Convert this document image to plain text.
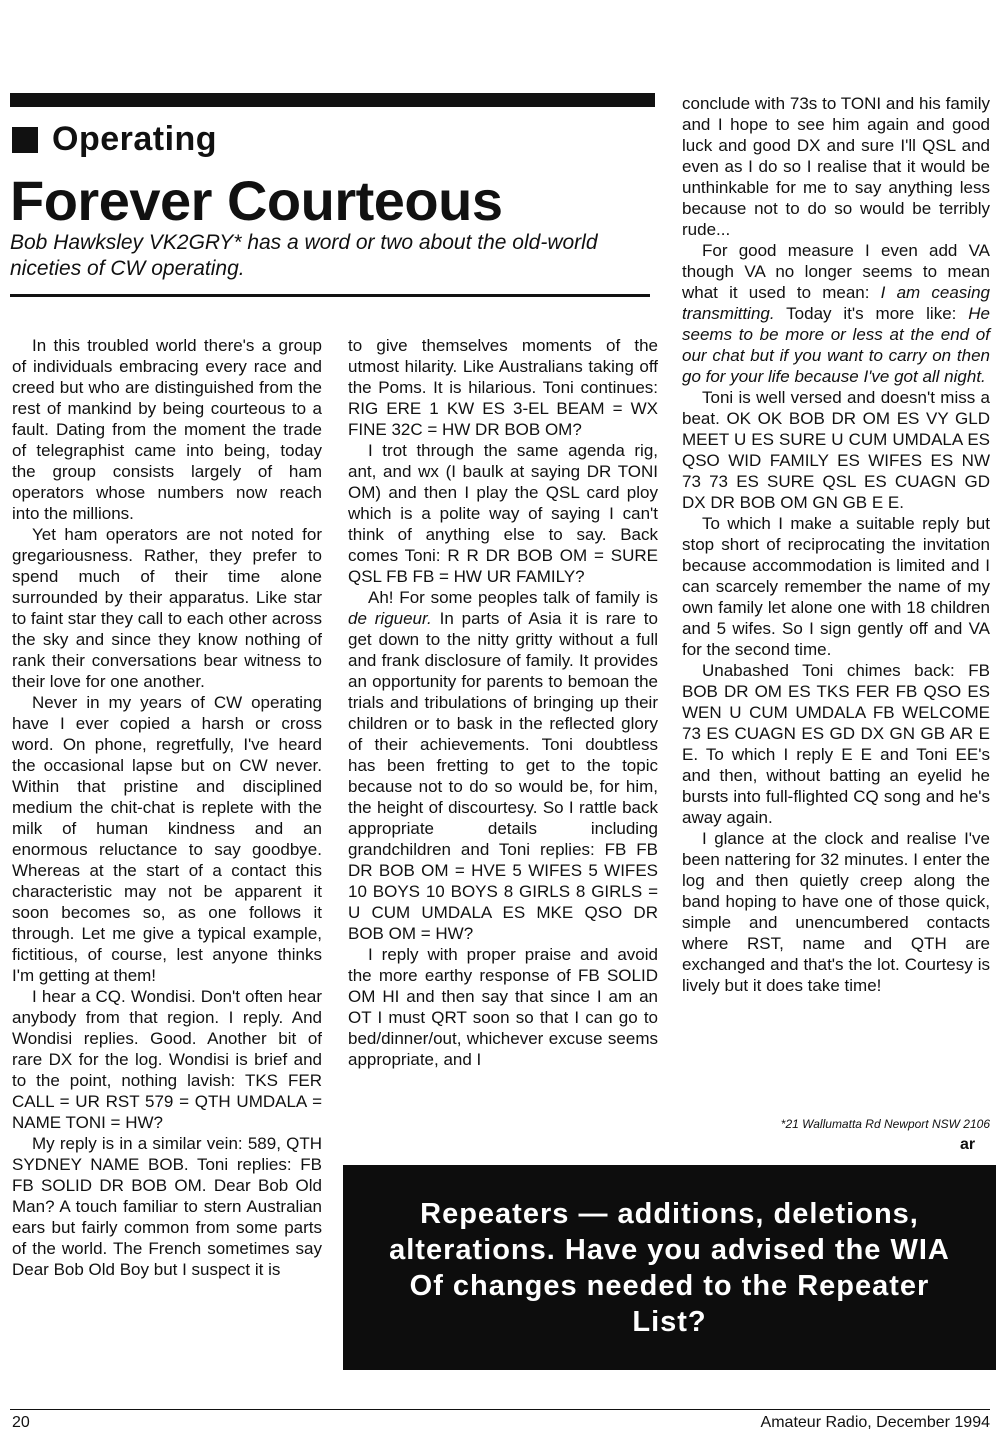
Operating
Forever Courteous
Bob Hawksley VK2GRY* has a word or two about the old-world niceties of CW operating.

In this troubled world there's a group of individuals embracing every race and creed but who are distinguished from the rest of mankind by being courteous to a fault. Dating from the moment the trade of telegraphist came into being, today the group consists largely of ham operators whose numbers now reach into the millions.

Yet ham operators are not noted for gregariousness. Rather, they prefer to spend much of their time alone surrounded by their apparatus. Like star to faint star they call to each other across the sky and since they know nothing of rank their conversations bear witness to their love for one another.

Never in my years of CW operating have I ever copied a harsh or cross word. On phone, regretfully, I've heard the occasional lapse but on CW never. Within that pristine and disciplined medium the chit-chat is replete with the milk of human kindness and an enormous reluctance to say goodbye. Whereas at the start of a contact this characteristic may not be apparent it soon becomes so, as one follows it through. Let me give a typical example, fictitious, of course, lest anyone thinks I'm getting at them!

I hear a CQ. Wondisi. Don't often hear anybody from that region. I reply. And Wondisi replies. Good. Another bit of rare DX for the log. Wondisi is brief and to the point, nothing lavish: TKS FER CALL = UR RST 579 = QTH UMDALA = NAME TONI = HW?

My reply is in a similar vein: 589, QTH SYDNEY NAME BOB. Toni replies: FB FB SOLID DR BOB OM. Dear Bob Old Man? A touch familiar to stern Australian ears but fairly common from some parts of the world. The French sometimes say Dear Bob Old Boy but I suspect it is

to give themselves moments of the utmost hilarity. Like Australians taking off the Poms. It is hilarious. Toni continues: RIG ERE 1 KW ES 3-EL BEAM = WX FINE 32C = HW DR BOB OM?

I trot through the same agenda rig, ant, and wx (I baulk at saying DR TONI OM) and then I play the QSL card ploy which is a polite way of saying I can't think of anything else to say. Back comes Toni: R R DR BOB OM = SURE QSL FB FB = HW UR FAMILY?

Ah! For some peoples talk of family is de rigueur. In parts of Asia it is rare to get down to the nitty gritty without a full and frank disclosure of family. It provides an opportunity for parents to bemoan the trials and tribulations of bringing up their children or to bask in the reflected glory of their achievements. Toni doubtless has been fretting to get to the topic because not to do so would be, for him, the height of discourtesy. So I rattle back appropriate details including grandchildren and Toni replies: FB FB DR BOB OM = HVE 5 WIFES 5 WIFES 10 BOYS 10 BOYS 8 GIRLS 8 GIRLS = U CUM UMDALA ES MKE QSO DR BOB OM = HW?

I reply with proper praise and avoid the more earthy response of FB SOLID OM HI and then say that since I am an OT I must QRT soon so that I can go to bed/dinner/out, whichever excuse seems appropriate, and I

conclude with 73s to TONI and his family and I hope to see him again and good luck and good DX and sure I'll QSL and even as I do so I realise that it would be unthinkable for me to say anything less because not to do so would be terribly rude...

For good measure I even add VA though VA no longer seems to mean what it used to mean: I am ceasing transmitting. Today it's more like: He seems to be more or less at the end of our chat but if you want to carry on then go for your life because I've got all night.

Toni is well versed and doesn't miss a beat. OK OK BOB DR OM ES VY GLD MEET U ES SURE U CUM UMDALA ES QSO WID FAMILY ES WIFES ES NW 73 73 ES SURE QSL ES CUAGN GD DX DR BOB OM GN GB E E.

To which I make a suitable reply but stop short of reciprocating the invitation because accommodation is limited and I can scarcely remember the name of my own family let alone one with 18 children and 5 wifes. So I sign gently off and VA for the second time.

Unabashed Toni chimes back: FB BOB DR OM ES TKS FER FB QSO ES WEN U CUM UMDALA FB WELCOME 73 ES CUAGN ES GD DX GN GB AR E E. To which I reply E E and Toni EE's and then, without batting an eyelid he bursts into full-flighted CQ song and he's away again.

I glance at the clock and realise I've been nattering for 32 minutes. I enter the log and then quietly creep along the band hoping to have one of those quick, simple and unencumbered contacts where RST, name and QTH are exchanged and that's the lot. Courtesy is lively but it does take time!

*21 Wallumatta Rd Newport NSW 2106
ar
Repeaters — additions, deletions, alterations. Have you advised the WIA Of changes needed to the Repeater List?
20	Amateur Radio, December 1994
